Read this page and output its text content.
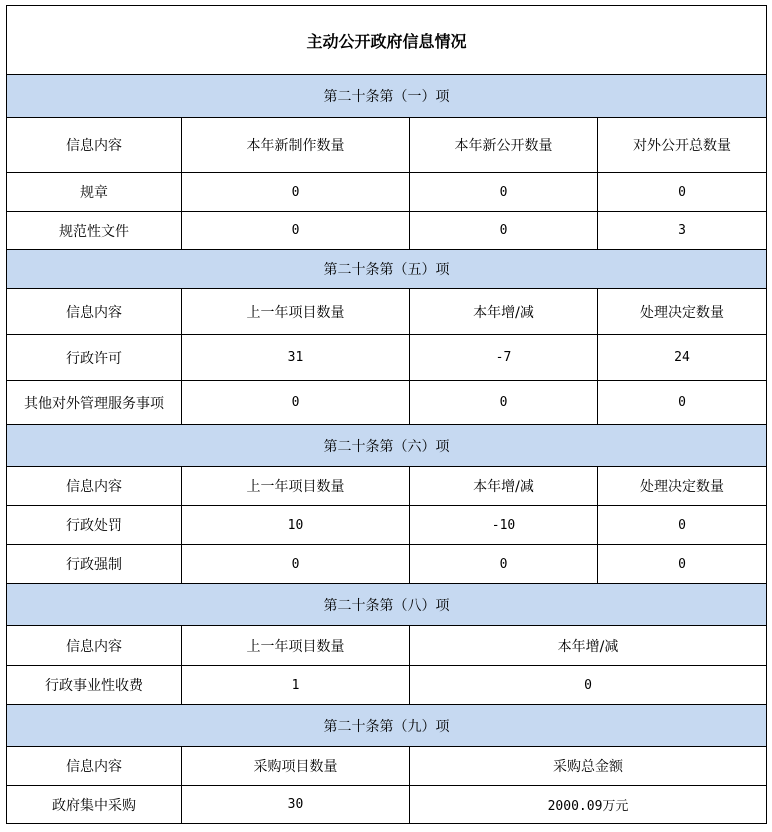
主动公开政府信息情况			
第二十条第（一）项			
信息内容	本年新制作数量	本年新公开数量	对外公开总数量
规章	0	0	0
规范性文件	0	0	3
第二十条第（五）项			
信息内容	上一年项目数量	本年增/减	处理决定数量
行政许可	31	-7	24
其他对外管理服务事项	0	0	0
第二十条第（六）项			
信息内容	上一年项目数量	本年增/减	处理决定数量
行政处罚	10	-10	0
行政强制	0	0	0
第二十条第（八）项			
信息内容	上一年项目数量	本年增/减	
行政事业性收费	1	0	
第二十条第（九）项			
信息内容	采购项目数量	采购总金额	
政府集中采购	30	2000.09万元	
